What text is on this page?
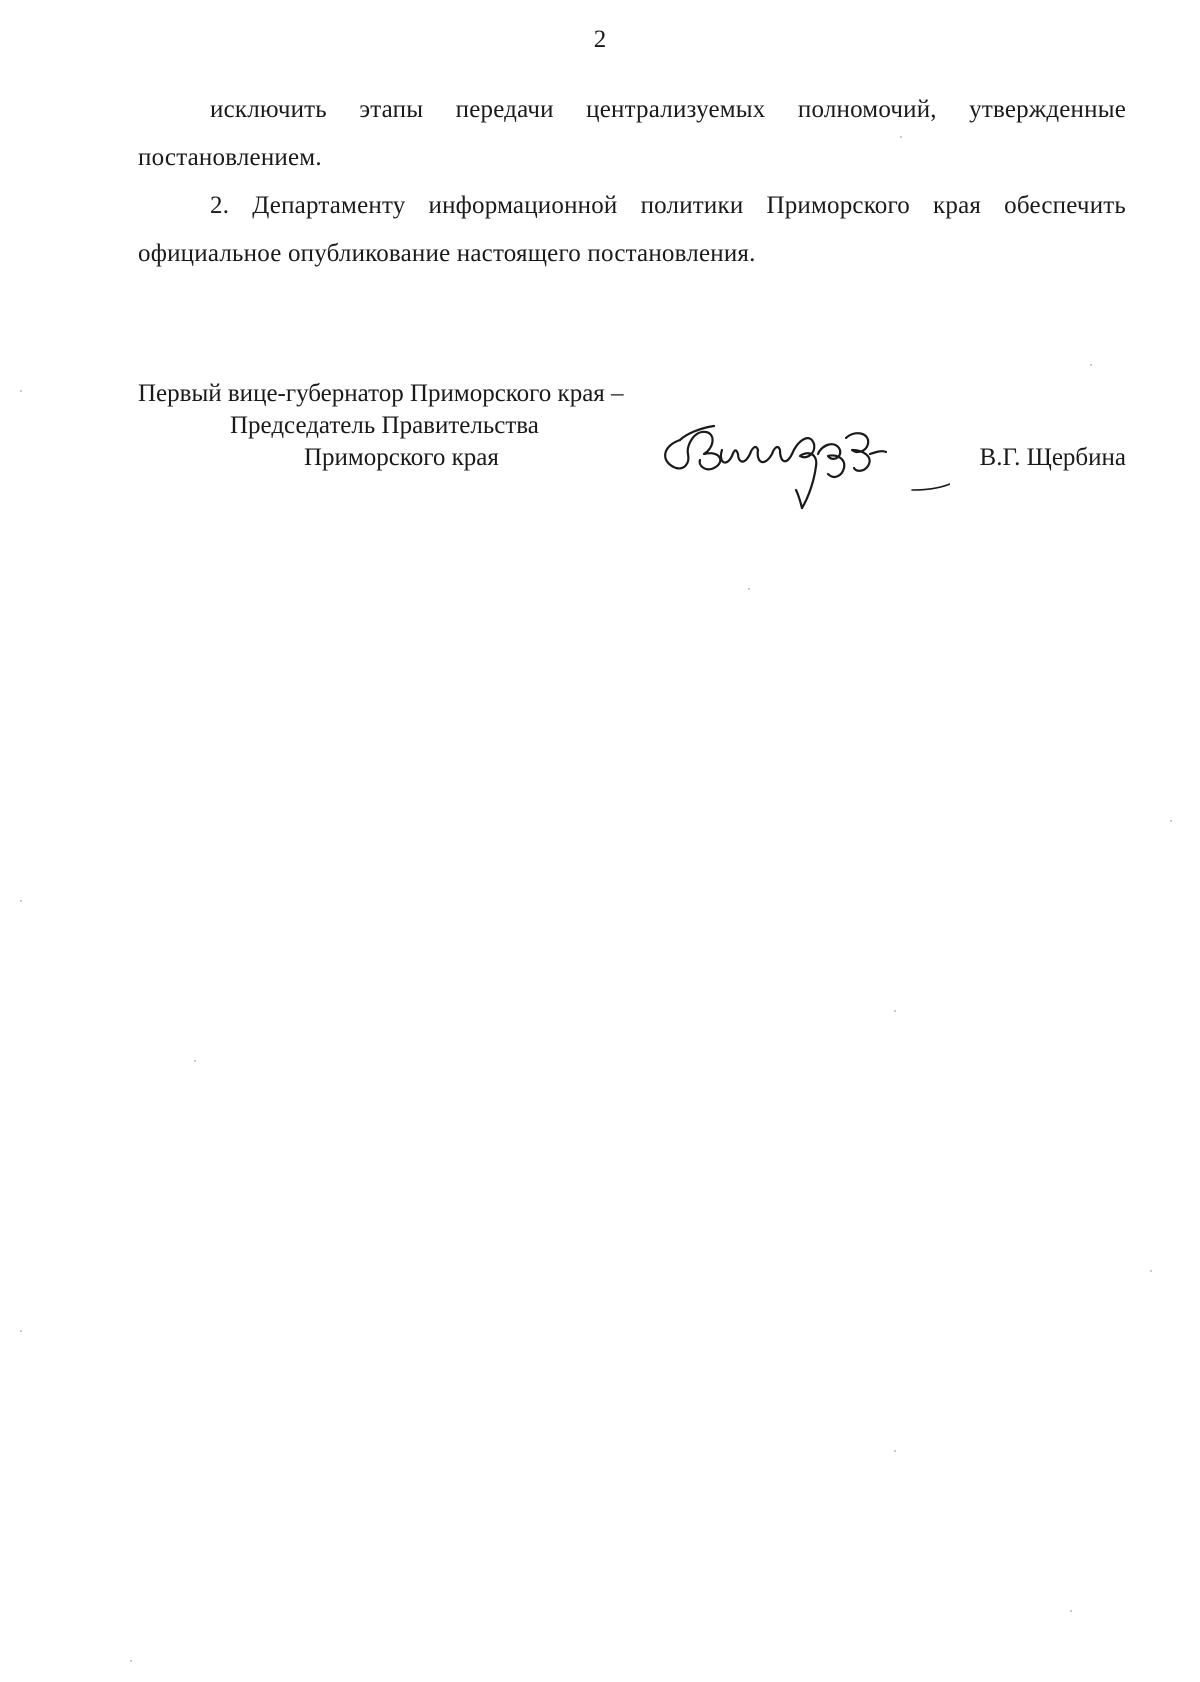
2

исключить этапы передачи централизуемых полномочий, утвержденные постановлением.

2. Департаменту информационной политики Приморского края обеспечить официальное опубликование настоящего постановления.

Первый вице-губернатор Приморского края –
Председатель Правительства
Приморского края	В.Г. Щербина
